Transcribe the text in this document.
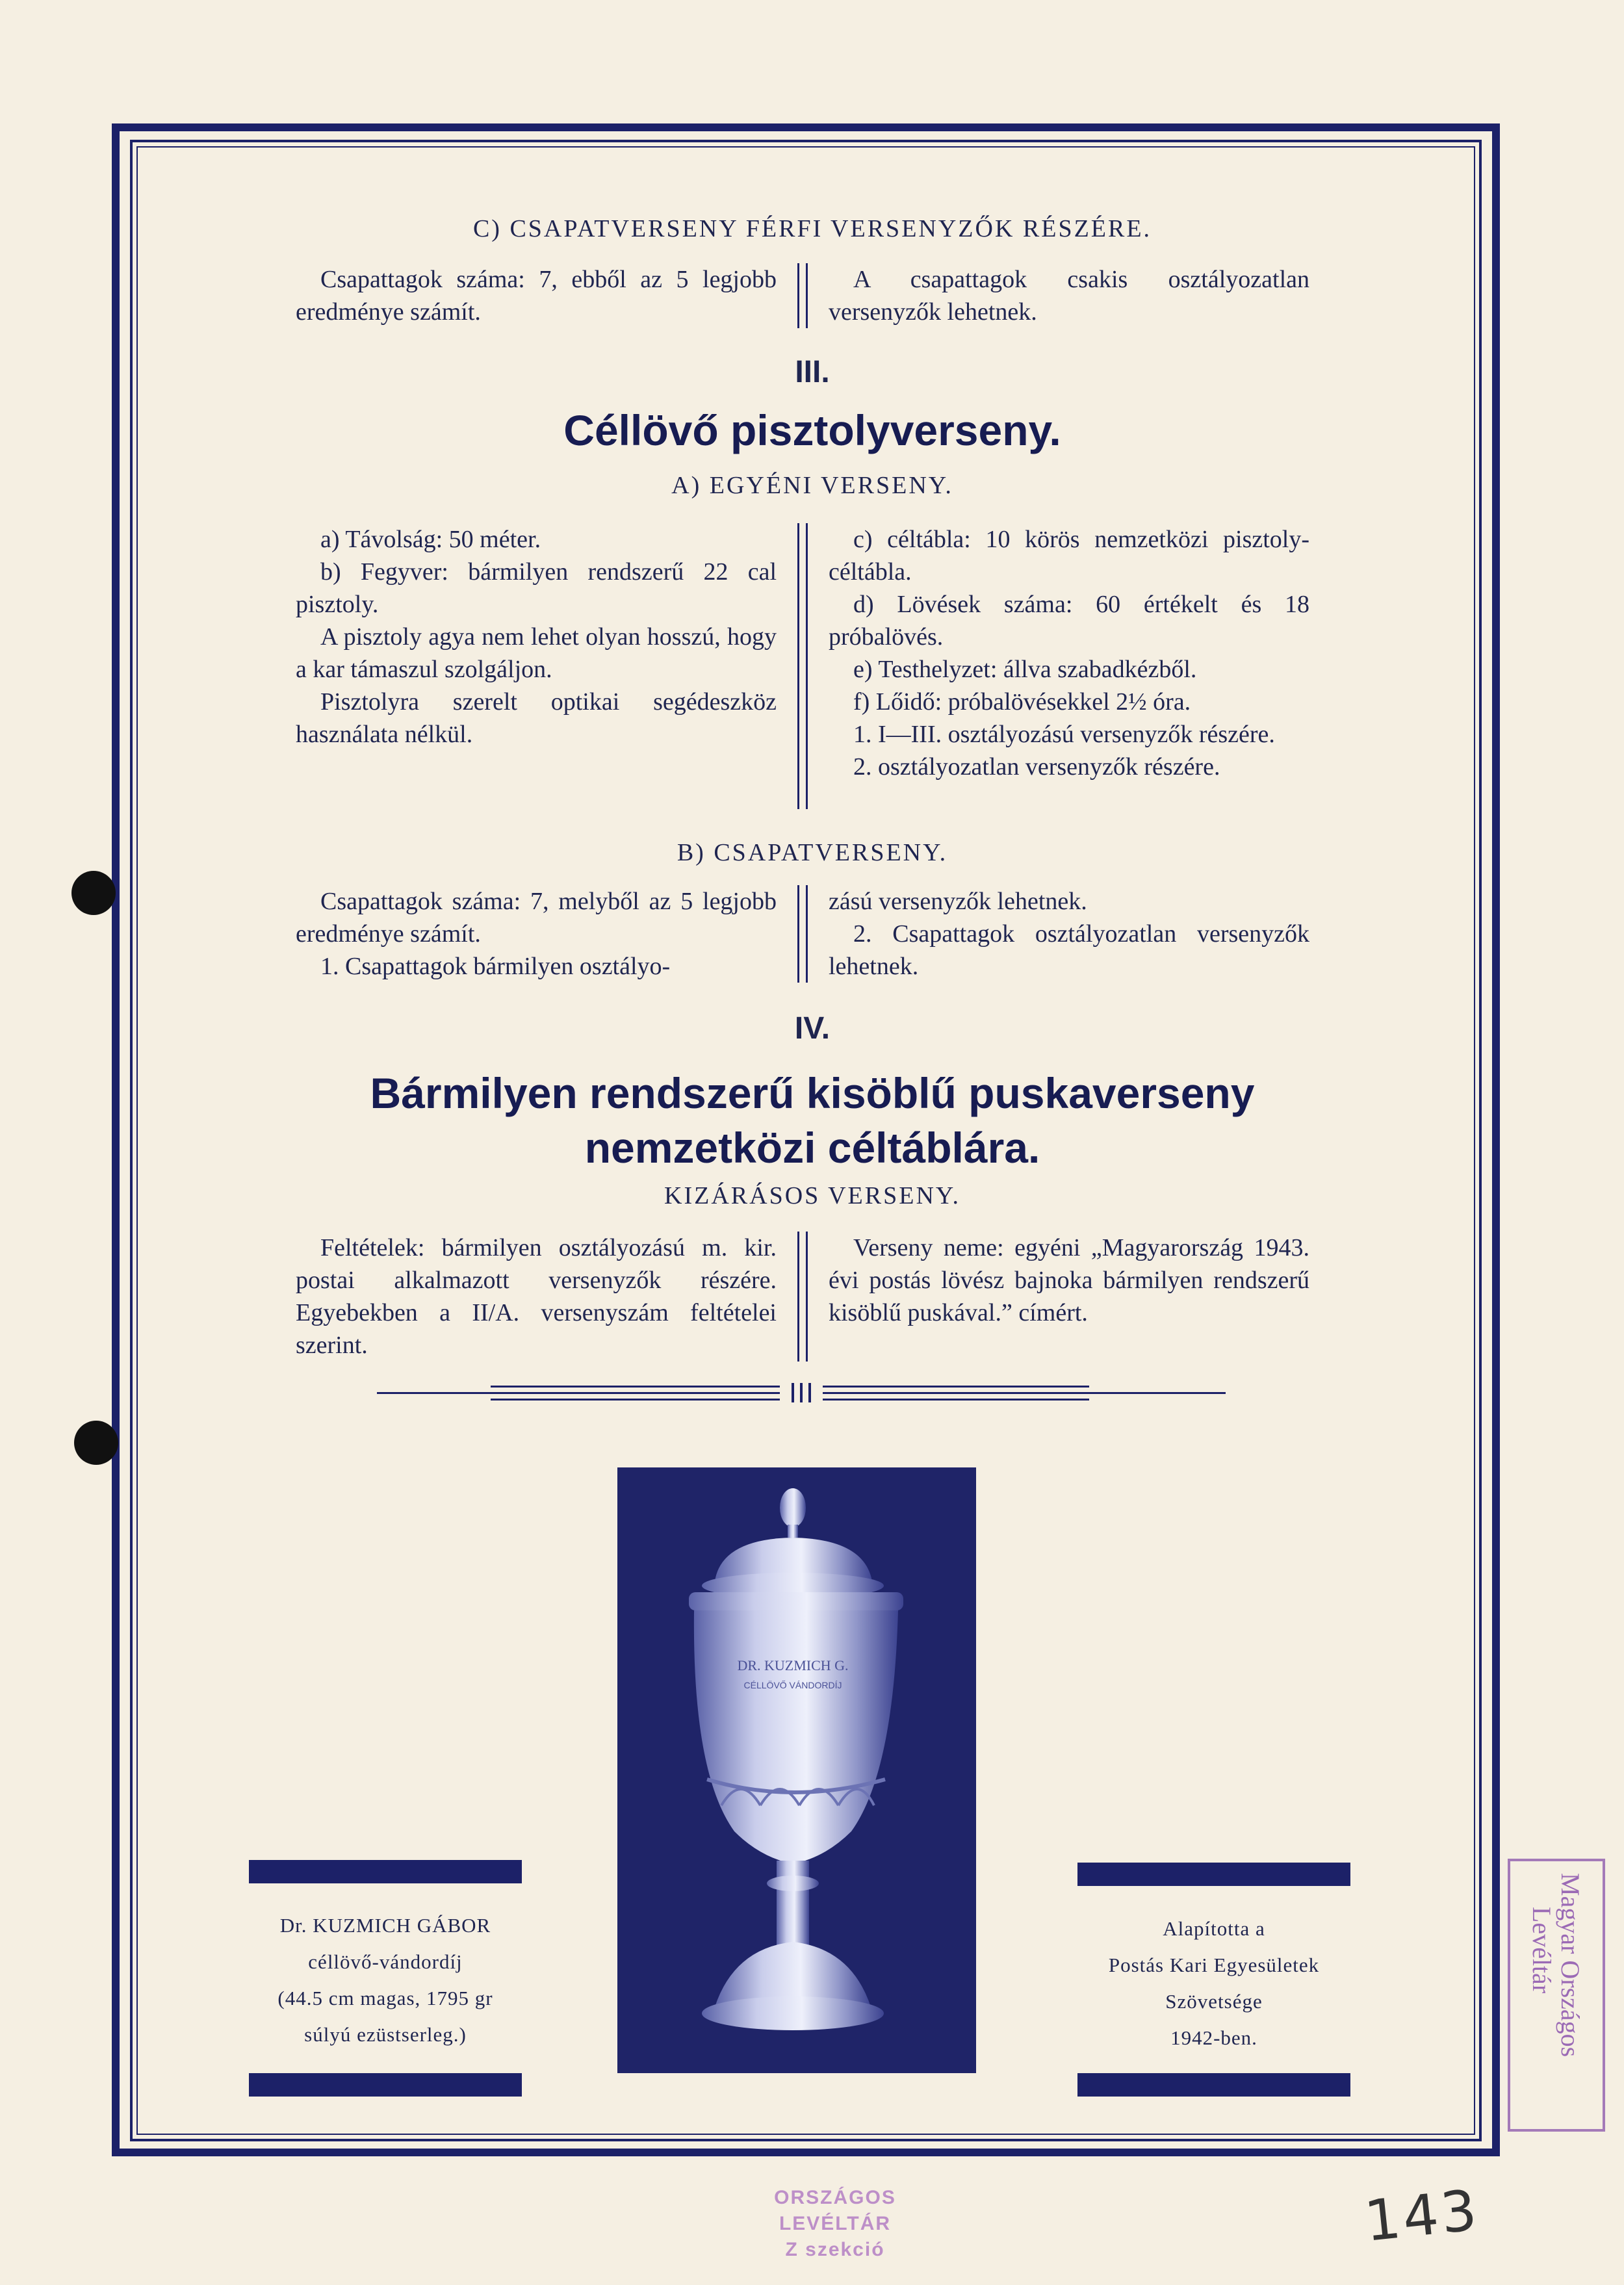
C) CSAPATVERSENY FÉRFI VERSENYZŐK RÉSZÉRE.

Csapattagok száma: 7, ebből az 5 legjobb eredménye számít.

A csapattagok csakis osztályozatlan versenyzők lehetnek.

III.
Céllövő pisztolyverseny.
A) EGYÉNI VERSENY.

a) Távolság: 50 méter.

b) Fegyver: bármilyen rendszerű 22 cal pisztoly.

A pisztoly agya nem lehet olyan hosszú, hogy a kar támaszul szolgáljon.

Pisztolyra szerelt optikai segédeszköz használata nélkül.

c) céltábla: 10 körös nemzetközi pisztoly-céltábla.

d) Lövések száma: 60 értékelt és 18 próbalövés.

e) Testhelyzet: állva szabadkézből.

f) Lőidő: próbalövésekkel 2½ óra.

1. I—III. osztályozású versenyzők részére.

2. osztályozatlan versenyzők részére.

B) CSAPATVERSENY.

Csapattagok száma: 7, melyből az 5 legjobb eredménye számít.

1. Csapattagok bármilyen osztályo-

zású versenyzők lehetnek.

2. Csapattagok osztályozatlan versenyzők lehetnek.

IV.
Bármilyen rendszerű kisöblű puskaverseny
nemzetközi céltáblára.
KIZÁRÁSOS VERSENY.

Feltételek: bármilyen osztályozású m. kir. postai alkalmazott versenyzők részére. Egyebekben a II/A. versenyszám feltételei szerint.

Verseny neme: egyéni „Magyarország 1943. évi postás lövész bajnoka bármilyen rendszerű kisöblű puskával.” címért.

DR. KUZMICH G.
CÉLLÖVŐ VÁNDORDÍJ
Dr. KUZMICH GÁBOR
céllövő-vándordíj
(44.5 cm magas, 1795 gr
súlyú ezüstserleg.)
Alapította a
Postás Kari Egyesületek
Szövetsége
1942-ben.	Magyar Országos
Levéltár
ORSZÁGOS LEVÉLTÁR
Z szekció	143
